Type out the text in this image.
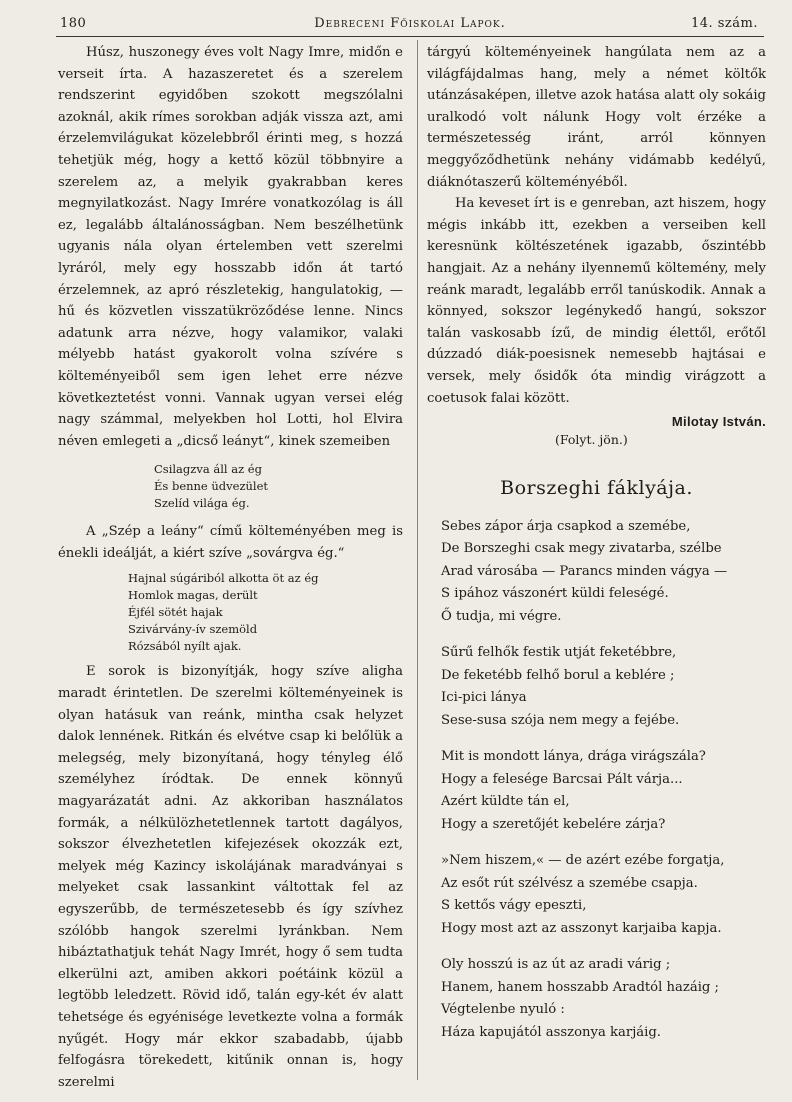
180	Debreceni Főiskolai Lapok.	14. szám.

Húsz, huszonegy éves volt Nagy Imre, midőn e verseit írta. A hazaszeretet és a szerelem rendszerint egyidőben szokott megszólalni azoknál, akik rímes sorokban adják vissza azt, ami érzelemvilágukat közelebbről érinti meg, s hozzá tehetjük még, hogy a kettő közül többnyire a szerelem az, a melyik gyakrabban keres megnyilatkozást. Nagy Imrére vonatkozólag is áll ez, legalább általánosságban. Nem beszélhetünk ugyanis nála olyan értelemben vett szerelmi lyráról, mely egy hosszabb időn át tartó érzelemnek, az apró részletekig, hangulatokig, — hű és közvetlen visszatükröződése lenne. Nincs adatunk arra nézve, hogy valamikor, valaki mélyebb hatást gyakorolt volna szívére s költeményeiből sem igen lehet erre nézve következtetést vonni. Vannak ugyan versei elég nagy számmal, melyekben hol Lotti, hol Elvira néven emlegeti a „dicső leányt“, kinek szemeiben

Csilagzva áll az ég
És benne üdvezület
Szelíd világa ég.

A „Szép a leány“ című költeményében meg is énekli ideálját, a kiért szíve „sovárgva ég.“

Hajnal súgáriból alkotta öt az ég
Homlok magas, derült
Éjfél sötét hajak
Szivárvány-ív szemöld
Rózsából nyílt ajak.

E sorok is bizonyítják, hogy szíve aligha maradt érintetlen. De szerelmi költeményeinek is olyan hatásuk van reánk, mintha csak helyzet dalok lennének. Ritkán és elvétve csap ki belőlük a melegség, mely bizonyítaná, hogy tényleg élő személyhez íródtak. De ennek könnyű magyarázatát adni. Az akkoriban használatos formák, a nélkülözhetetlennek tartott dagályos, sokszor élvezhetetlen kifejezések okozzák ezt, melyek még Kazincy iskolájának maradványai s melyeket csak lassankint váltottak fel az egyszerűbb, de természetesebb és így szívhez szólóbb hangok szerelmi lyránkban. Nem hibáztathatjuk tehát Nagy Imrét, hogy ő sem tudta elkerülni azt, amiben akkori poétáink közül a legtöbb leledzett. Rövid idő, talán egy-két év alatt tehetsége és egyénisége levetkezte volna a formák nyűgét. Hogy már ekkor szabadabb, újabb felfogásra törekedett, kitűnik onnan is, hogy szerelmi

tárgyú költeményeinek hangúlata nem az a világfájdalmas hang, mely a német költők utánzásaképen, illetve azok hatása alatt oly sokáig uralkodó volt nálunk Hogy volt érzéke a természetesség iránt, arról könnyen meggyőződhetünk nehány vidámabb kedélyű, diáknótaszerű költeményéből.

Ha keveset írt is e genreban, azt hiszem, hogy mégis inkább itt, ezekben a verseiben kell keresnünk költészetének igazabb, őszintébb hangjait. Az a nehány ilyennemű költemény, mely reánk maradt, legalább erről tanúskodik. Annak a könnyed, sokszor legénykedő hangú, sokszor talán vaskosabb ízű, de mindig élettől, erőtől dúzzadó diák-poesisnek nemesebb hajtásai e versek, mely ősidők óta mindig virágzott a coetusok falai között.

Milotay István.
(Folyt. jön.)
Borszeghi fáklyája.
Sebes zápor árja csapkod a szemébe,
De Borszeghi csak megy zivatarba, szélbe
Arad városába — Parancs minden vágya —
S ipához vászonért küldi feleségé.
Ő tudja, mi végre.
Sűrű felhők festik utját feketébbre,
De feketébb felhő borul a keblére ;
Ici-pici lánya
Sese-susa szója nem megy a fejébe.
Mit is mondott lánya, drága virágszála?
Hogy a felesége Barcsai Pált várja...
Azért küldte tán el,
Hogy a szeretőjét kebelére zárja?
»Nem hiszem,« — de azért ezébe forgatja,
Az esőt rút szélvész a szemébe csapja.
S kettős vágy epeszti,
Hogy most azt az asszonyt karjaiba kapja.
Oly hosszú is az út az aradi várig ;
Hanem, hanem hosszabb Aradtól hazáig ;
Végtelenbe nyuló :
Háza kapujától asszonya karjáig.
